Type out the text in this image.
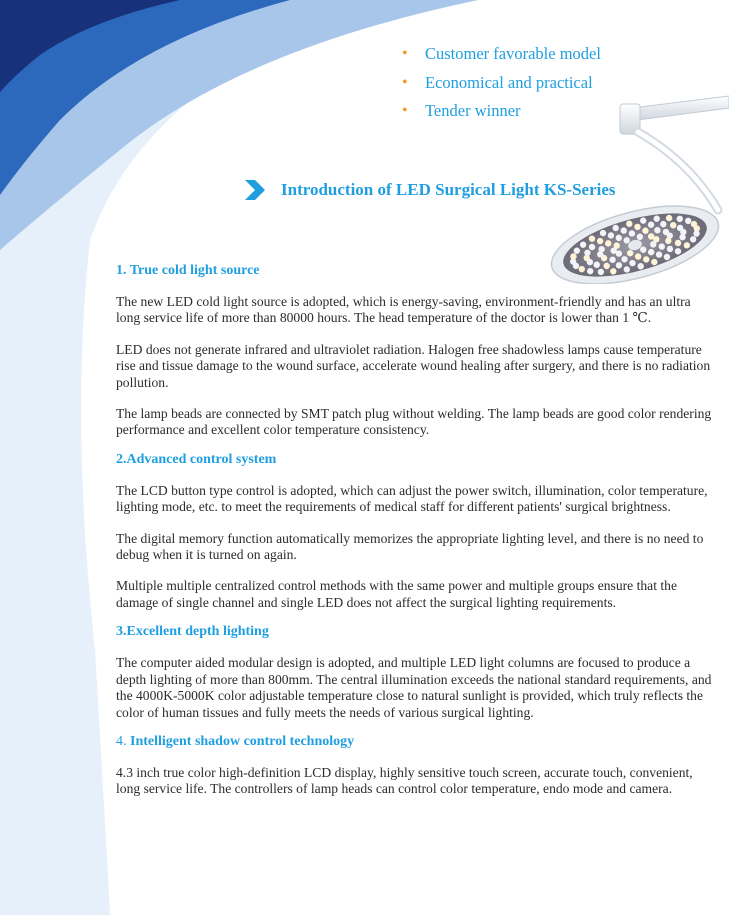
• Customer favorable model
• Economical and practical
• Tender winner
Introduction of LED Surgical Light KS-Series
1. True cold light source

The new LED cold light source is adopted, which is energy-saving, environment-friendly and has an ultra long service life of more than 80000 hours. The head temperature of the doctor is lower than 1 ℃.

LED does not generate infrared and ultraviolet radiation. Halogen free shadowless lamps cause temperature rise and tissue damage to the wound surface, accelerate wound healing after surgery, and there is no radiation pollution.

The lamp beads are connected by SMT patch plug without welding. The lamp beads are good color rendering performance and excellent color temperature consistency.

2.Advanced control system

The LCD button type control is adopted, which can adjust the power switch, illumination, color temperature, lighting mode, etc. to meet the requirements of medical staff for different patients' surgical brightness.

The digital memory function automatically memorizes the appropriate lighting level, and there is no need to debug when it is turned on again.

Multiple multiple centralized control methods with the same power and multiple groups ensure that the damage of single channel and single LED does not affect the surgical lighting requirements.

3.Excellent depth lighting

The computer aided modular design is adopted, and multiple LED light columns are focused to produce a depth lighting of more than 800mm. The central illumination exceeds the national standard requirements, and the 4000K-5000K color adjustable temperature close to natural sunlight is provided, which truly reflects the color of human tissues and fully meets the needs of various surgical lighting.

4. Intelligent shadow control technology

4.3 inch true color high-definition LCD display, highly sensitive touch screen, accurate touch, convenient, long service life. The controllers of lamp heads can control color temperature, endo mode and camera.
